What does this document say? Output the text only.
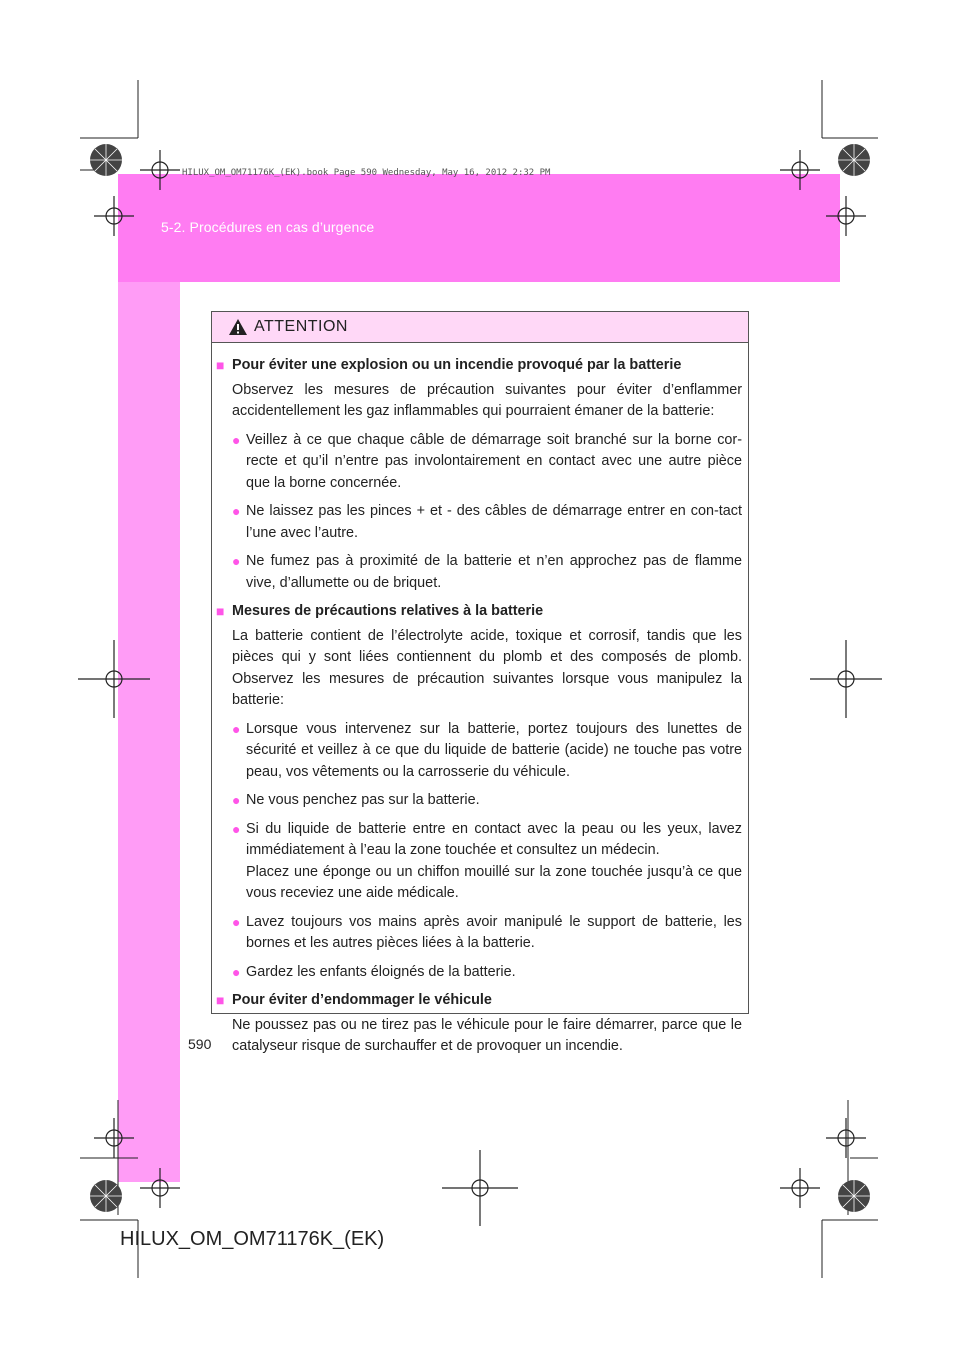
5-2. Procédures en cas d’urgence
HILUX_OM_OM71176K_(EK).book Page 590 Wednesday, May 16, 2012 2:32 PM
ATTENTION
■ Pour éviter une explosion ou un incendie provoqué par la batterie
Observez les mesures de précaution suivantes pour éviter d’enflammer accidentellement les gaz inflammables qui pourraient émaner de la batterie:
● Veillez à ce que chaque câble de démarrage soit branché sur la borne cor-recte et qu’il n’entre pas involontairement en contact avec une autre pièce que la borne concernée.
● Ne laissez pas les pinces + et - des câbles de démarrage entrer en con-tact l’une avec l’autre.
● Ne fumez pas à proximité de la batterie et n’en approchez pas de flamme vive, d’allumette ou de briquet.
■ Mesures de précautions relatives à la batterie
La batterie contient de l’électrolyte acide, toxique et corrosif, tandis que les pièces qui y sont liées contiennent du plomb et des composés de plomb. Observez les mesures de précaution suivantes lorsque vous manipulez la batterie:
● Lorsque vous intervenez sur la batterie, portez toujours des lunettes de sécurité et veillez à ce que du liquide de batterie (acide) ne touche pas votre peau, vos vêtements ou la carrosserie du véhicule.
● Ne vous penchez pas sur la batterie.
● Si du liquide de batterie entre en contact avec la peau ou les yeux, lavez immédiatement à l’eau la zone touchée et consultez un médecin.
Placez une éponge ou un chiffon mouillé sur la zone touchée jusqu’à ce que vous receviez une aide médicale.
● Lavez toujours vos mains après avoir manipulé le support de batterie, les bornes et les autres pièces liées à la batterie.
● Gardez les enfants éloignés de la batterie.
■ Pour éviter d’endommager le véhicule
Ne poussez pas ou ne tirez pas le véhicule pour le faire démarrer, parce que le catalyseur risque de surchauffer et de provoquer un incendie.
590
HILUX_OM_OM71176K_(EK)
